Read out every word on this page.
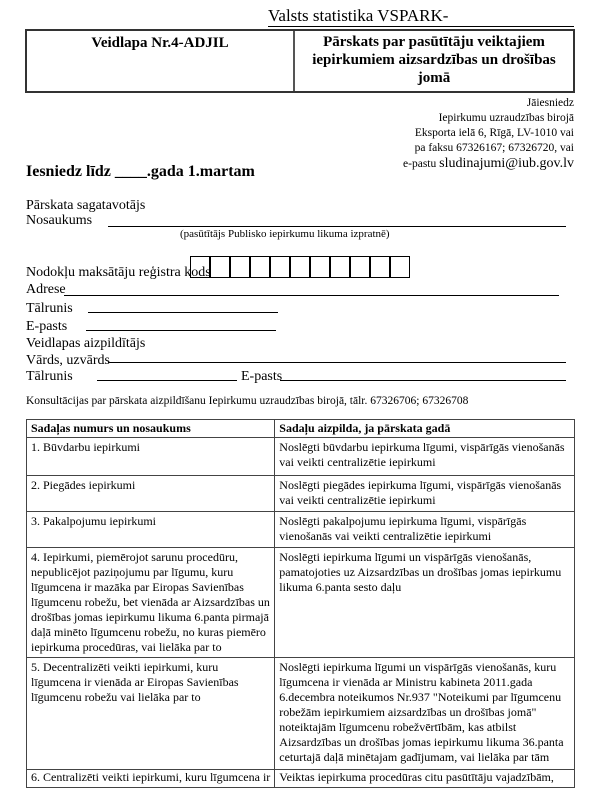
Valsts statistika VSPARK-
Veidlapa Nr.4-ADJIL	Pārskats par pasūtītāju veiktajiem iepirkumiem aizsardzības un drošības jomā
Jāiesniedz
Iepirkumu uzraudzības birojā
Eksporta ielā 6, Rīgā, LV-1010 vai
pa faksu 67326167; 67326720, vai
e-pastu sludinajumi@iub.gov.lv
Iesniedz līdz ____.gada 1.martam
Pārskata sagatavotājs
Nosaukums
(pasūtītājs Publisko iepirkumu likuma izpratnē)
Nodokļu maksātāju reģistra kods
Adrese
Tālrunis
E-pasts
Veidlapas aizpildītājs
Vārds, uzvārds
Tālrunis	E-pasts
Konsultācijas par pārskata aizpildīšanu Iepirkumu uzraudzības birojā, tālr. 67326706; 67326708
Sadaļas numurs un nosaukums	Sadaļu aizpilda, ja pārskata gadā
1. Būvdarbu iepirkumi	Noslēgti būvdarbu iepirkuma līgumi, vispārīgās vienošanās vai veikti centralizētie iepirkumi
2. Piegādes iepirkumi	Noslēgti piegādes iepirkuma līgumi, vispārīgās vienošanās vai veikti centralizētie iepirkumi
3. Pakalpojumu iepirkumi	Noslēgti pakalpojumu iepirkuma līgumi, vispārīgās vienošanās vai veikti centralizētie iepirkumi
4. Iepirkumi, piemērojot sarunu procedūru, nepublicējot paziņojumu par līgumu, kuru līgumcena ir mazāka par Eiropas Savienības līgumcenu robežu, bet vienāda ar Aizsardzības un drošības jomas iepirkumu likuma 6.panta pirmajā daļā minēto līgumcenu robežu, no kuras piemēro iepirkuma procedūras, vai lielāka par to	Noslēgti iepirkuma līgumi un vispārīgās vienošanās, pamatojoties uz Aizsardzības un drošības jomas iepirkumu likuma 6.panta sesto daļu
5. Decentralizēti veikti iepirkumi, kuru līgumcena ir vienāda ar Eiropas Savienības līgumcenu robežu vai lielāka par to	Noslēgti iepirkuma līgumi un vispārīgās vienošanās, kuru līgumcena ir vienāda ar Ministru kabineta 2011.gada 6.decembra noteikumos Nr.937 "Noteikumi par līgumcenu robežām iepirkumiem aizsardzības un drošības jomā" noteiktajām līgumcenu robežvērtībām, kas atbilst Aizsardzības un drošības jomas iepirkumu likuma 36.panta ceturtajā daļā minētajam gadījumam, vai lielāka par tām
6. Centralizēti veikti iepirkumi, kuru līgumcena ir	Veiktas iepirkuma procedūras citu pasūtītāju vajadzībām,
